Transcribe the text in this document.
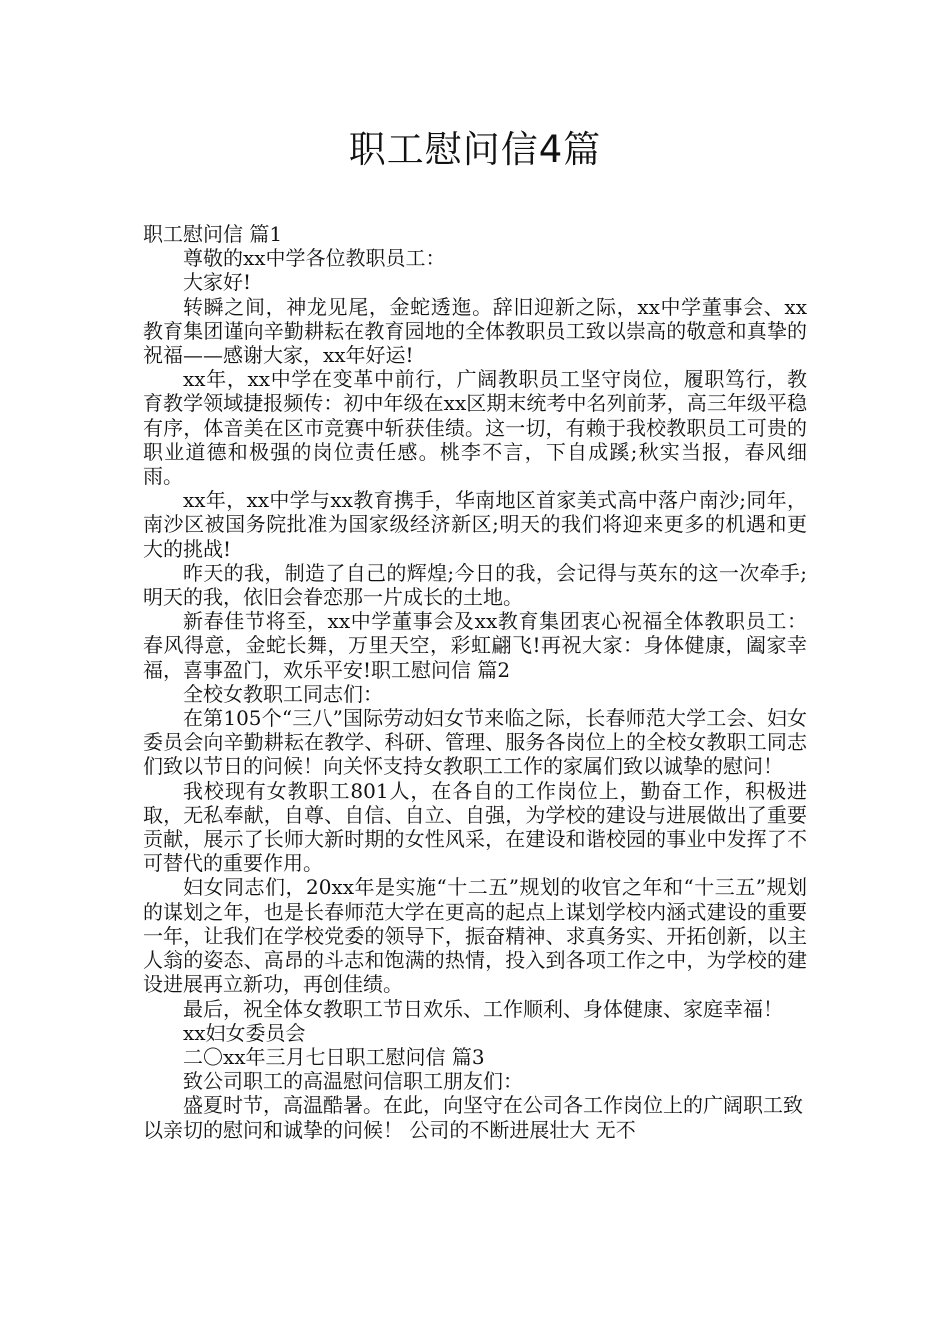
职工慰问信4篇

职工慰问信 篇1

尊敬的xx中学各位教职员工：

大家好!

转瞬之间，神龙见尾，金蛇透迤。辞旧迎新之际，xx中学董事会、xx教育集团谨向辛勤耕耘在教育园地的全体教职员工致以崇高的敬意和真挚的祝福——感谢大家，xx年好运!

xx年，xx中学在变革中前行，广阔教职员工坚守岗位，履职笃行，教育教学领域捷报频传：初中年级在xx区期末统考中名列前茅，高三年级平稳有序，体音美在区市竞赛中斩获佳绩。这一切，有赖于我校教职员工可贵的职业道德和极强的岗位责任感。桃李不言，下自成蹊;秋实当报，春风细雨。

xx年，xx中学与xx教育携手，华南地区首家美式高中落户南沙;同年，南沙区被国务院批准为国家级经济新区;明天的我们将迎来更多的机遇和更大的挑战!

昨天的我，制造了自己的辉煌;今日的我，会记得与英东的这一次牵手;明天的我，依旧会眷恋那一片成长的土地。

新春佳节将至，xx中学董事会及xx教育集团衷心祝福全体教职员工：春风得意，金蛇长舞，万里天空，彩虹翩飞!再祝大家：身体健康，阖家幸福，喜事盈门，欢乐平安!职工慰问信 篇2

全校女教职工同志们：

在第105个“三八”国际劳动妇女节来临之际，长春师范大学工会、妇女委员会向辛勤耕耘在教学、科研、管理、服务各岗位上的全校女教职工同志们致以节日的问候！向关怀支持女教职工工作的家属们致以诚挚的慰问！

我校现有女教职工801人，在各自的工作岗位上，勤奋工作，积极进取，无私奉献，自尊、自信、自立、自强，为学校的建设与进展做出了重要贡献，展示了长师大新时期的女性风采，在建设和谐校园的事业中发挥了不可替代的重要作用。

妇女同志们，20xx年是实施“十二五”规划的收官之年和“十三五”规划的谋划之年，也是长春师范大学在更高的起点上谋划学校内涵式建设的重要一年，让我们在学校党委的领导下，振奋精神、求真务实、开拓创新，以主人翁的姿态、高昂的斗志和饱满的热情，投入到各项工作之中，为学校的建设进展再立新功，再创佳绩。

最后，祝全体女教职工节日欢乐、工作顺利、身体健康、家庭幸福！

xx妇女委员会

二〇xx年三月七日职工慰问信 篇3

致公司职工的高温慰问信职工朋友们：

盛夏时节，高温酷暑。在此，向坚守在公司各工作岗位上的广阔职工致以亲切的慰问和诚挚的问候！ 公司的不断进展壮大 无不
